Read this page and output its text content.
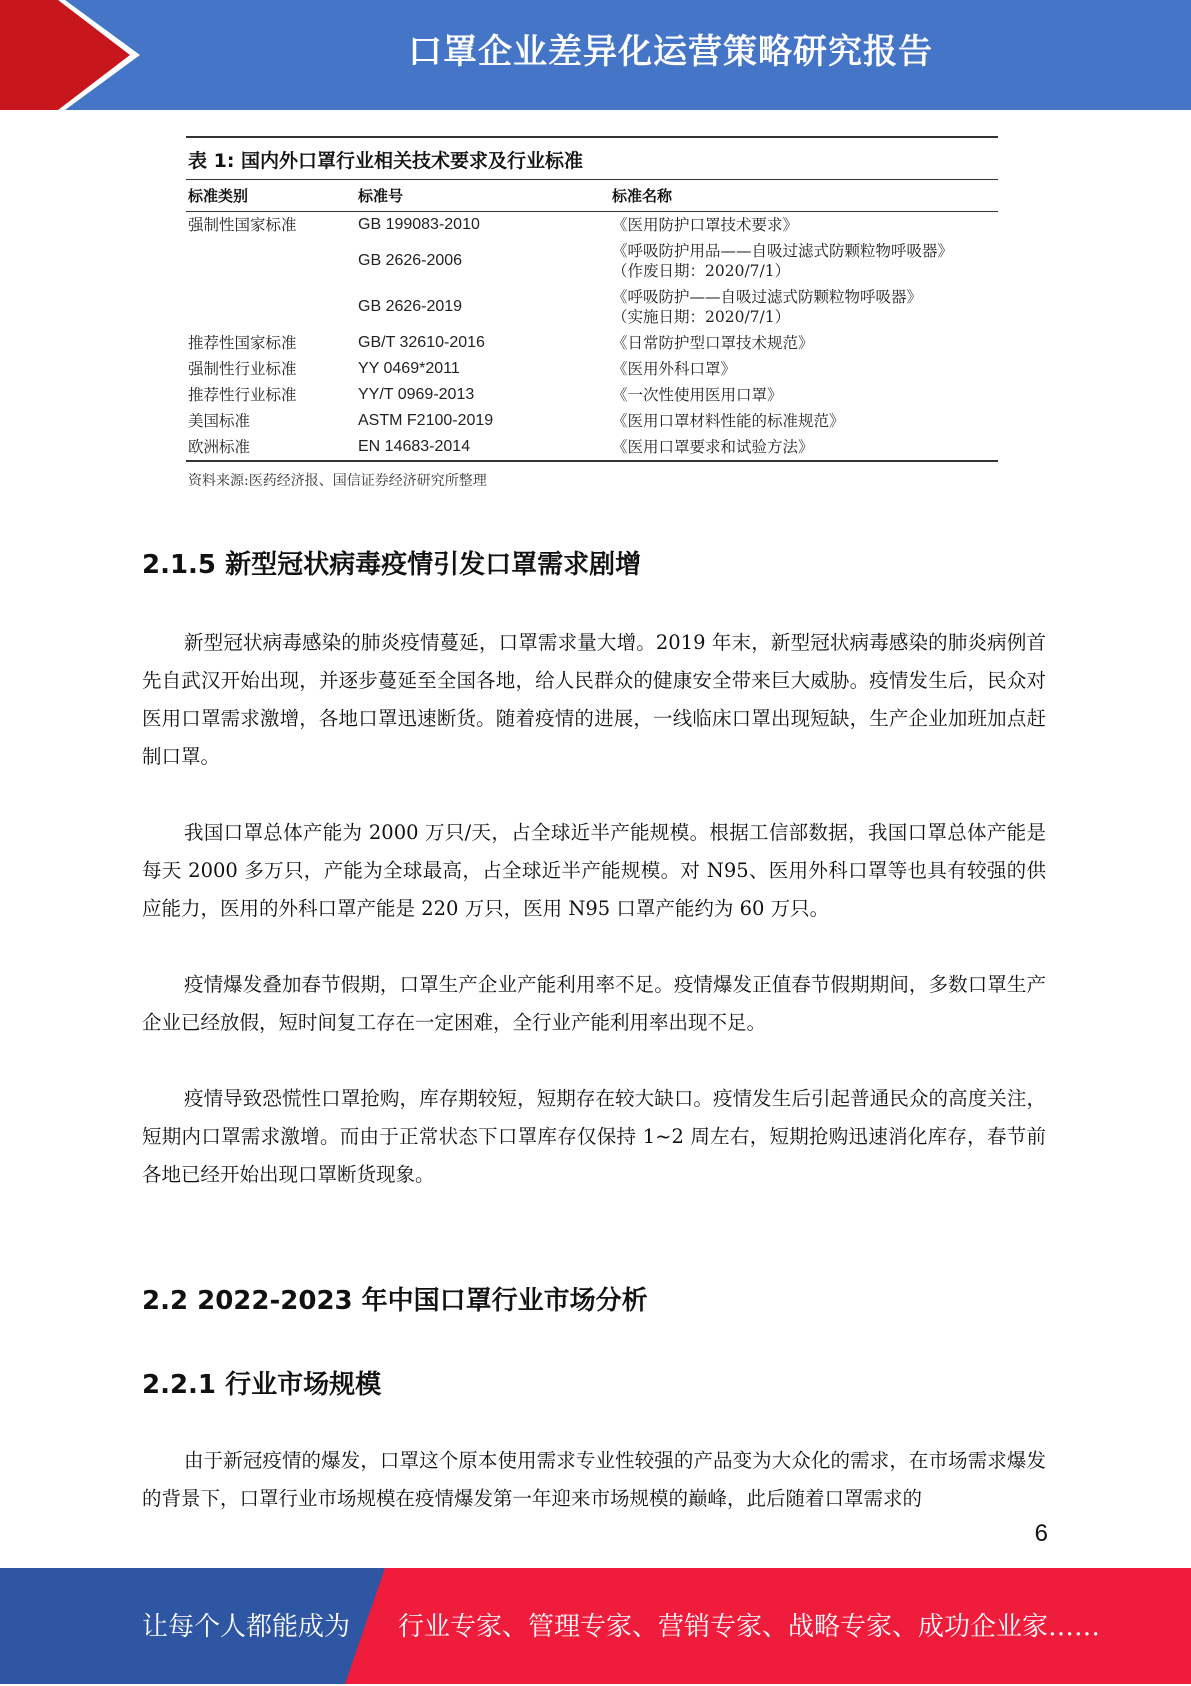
口罩企业差异化运营策略研究报告
表 1: 国内外口罩行业相关技术要求及行业标准
标准类别	标准号	标准名称
强制性国家标准	GB 199083-2010	《医用防护口罩技术要求》
	GB 2626-2006	《呼吸防护用品——自吸过滤式防颗粒物呼吸器》
（作废日期：2020/7/1）

	GB 2626-2019	《呼吸防护——自吸过滤式防颗粒物呼吸器》
（实施日期：2020/7/1）

推荐性国家标准	GB/T 32610-2016	《日常防护型口罩技术规范》
强制性行业标准	YY 0469*2011	《医用外科口罩》
推荐性行业标准	YY/T 0969-2013	《一次性使用医用口罩》
美国标准	ASTM F2100-2019	《医用口罩材料性能的标准规范》
欧洲标准	EN 14683-2014	《医用口罩要求和试验方法》
资料来源:医药经济报、国信证券经济研究所整理
2.1.5 新型冠状病毒疫情引发口罩需求剧增

新型冠状病毒感染的肺炎疫情蔓延，口罩需求量大增。2019 年末，新型冠状病毒感染的肺炎病例首先自武汉开始出现，并逐步蔓延至全国各地，给人民群众的健康安全带来巨大威胁。疫情发生后，民众对医用口罩需求激增，各地口罩迅速断货。随着疫情的进展，一线临床口罩出现短缺，生产企业加班加点赶制口罩。

我国口罩总体产能为 2000 万只/天，占全球近半产能规模。根据工信部数据，我国口罩总体产能是每天 2000 多万只，产能为全球最高，占全球近半产能规模。对 N95、医用外科口罩等也具有较强的供应能力，医用的外科口罩产能是 220 万只，医用 N95 口罩产能约为 60 万只。

疫情爆发叠加春节假期，口罩生产企业产能利用率不足。疫情爆发正值春节假期期间，多数口罩生产企业已经放假，短时间复工存在一定困难，全行业产能利用率出现不足。

疫情导致恐慌性口罩抢购，库存期较短，短期存在较大缺口。疫情发生后引起普通民众的高度关注，短期内口罩需求激增。而由于正常状态下口罩库存仅保持 1~2 周左右，短期抢购迅速消化库存，春节前各地已经开始出现口罩断货现象。

2.2 2022-2023 年中国口罩行业市场分析
2.2.1 行业市场规模

由于新冠疫情的爆发，口罩这个原本使用需求专业性较强的产品变为大众化的需求，在市场需求爆发的背景下，口罩行业市场规模在疫情爆发第一年迎来市场规模的巅峰，此后随着口罩需求的

6
让每个人都能成为 行业专家、管理专家、营销专家、战略专家、成功企业家……
